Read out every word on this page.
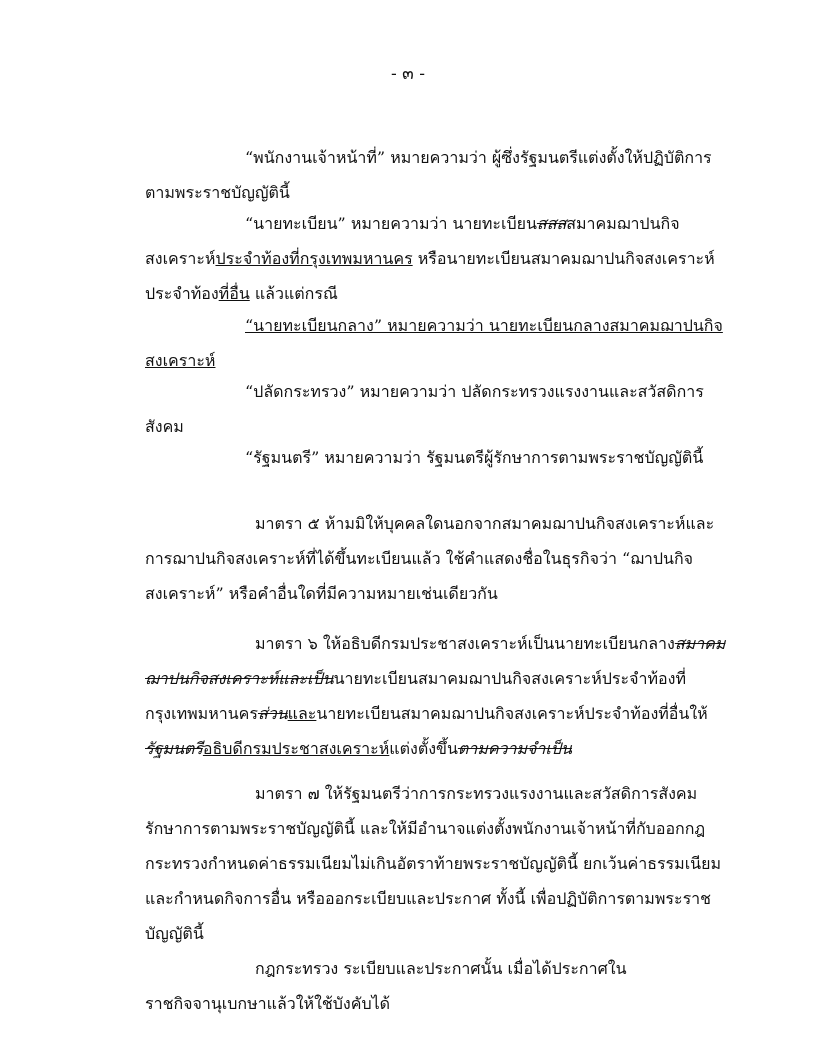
- ๓ -
“พนักงานเจ้าหน้าที่” หมายความว่า ผู้ซึ่งรัฐมนตรีแต่งตั้งให้ปฏิบัติการ
ตามพระราชบัญญัตินี้
“นายทะเบียน” หมายความว่า นายทะเบียนสสสสมาคมฌาปนกิจ
สงเคราะห์ประจำท้องที่กรุงเทพมหานคร หรือนายทะเบียนสมาคมฌาปนกิจสงเคราะห์
ประจำท้องที่อื่น แล้วแต่กรณี
“นายทะเบียนกลาง” หมายความว่า นายทะเบียนกลางสมาคมฌาปนกิจ
สงเคราะห์
“ปลัดกระทรวง” หมายความว่า ปลัดกระทรวงแรงงานและสวัสดิการ
สังคม
“รัฐมนตรี” หมายความว่า รัฐมนตรีผู้รักษาการตามพระราชบัญญัตินี้
มาตรา ๕ ห้ามมิให้บุคคลใดนอกจากสมาคมฌาปนกิจสงเคราะห์และ
การฌาปนกิจสงเคราะห์ที่ได้ขึ้นทะเบียนแล้ว ใช้คำแสดงชื่อในธุรกิจว่า “ฌาปนกิจ
สงเคราะห์” หรือคำอื่นใดที่มีความหมายเช่นเดียวกัน
มาตรา ๖ ให้อธิบดีกรมประชาสงเคราะห์เป็นนายทะเบียนกลางสมาคม
ฌาปนกิจสงเคราะห์และเป็นนายทะเบียนสมาคมฌาปนกิจสงเคราะห์ประจำท้องที่
กรุงเทพมหานครส่วนและนายทะเบียนสมาคมฌาปนกิจสงเคราะห์ประจำท้องที่อื่นให้
รัฐมนตรีอธิบดีกรมประชาสงเคราะห์แต่งตั้งขึ้นตามความจำเป็น
มาตรา ๗ ให้รัฐมนตรีว่าการกระทรวงแรงงานและสวัสดิการสังคม
รักษาการตามพระราชบัญญัตินี้ และให้มีอำนาจแต่งตั้งพนักงานเจ้าหน้าที่กับออกกฎ
กระทรวงกำหนดค่าธรรมเนียมไม่เกินอัตราท้ายพระราชบัญญัตินี้ ยกเว้นค่าธรรมเนียม
และกำหนดกิจการอื่น หรือออกระเบียบและประกาศ ทั้งนี้ เพื่อปฏิบัติการตามพระราช
บัญญัตินี้
กฎกระทรวง ระเบียบและประกาศนั้น เมื่อได้ประกาศใน
ราชกิจจานุเบกษาแล้วให้ใช้บังคับได้
